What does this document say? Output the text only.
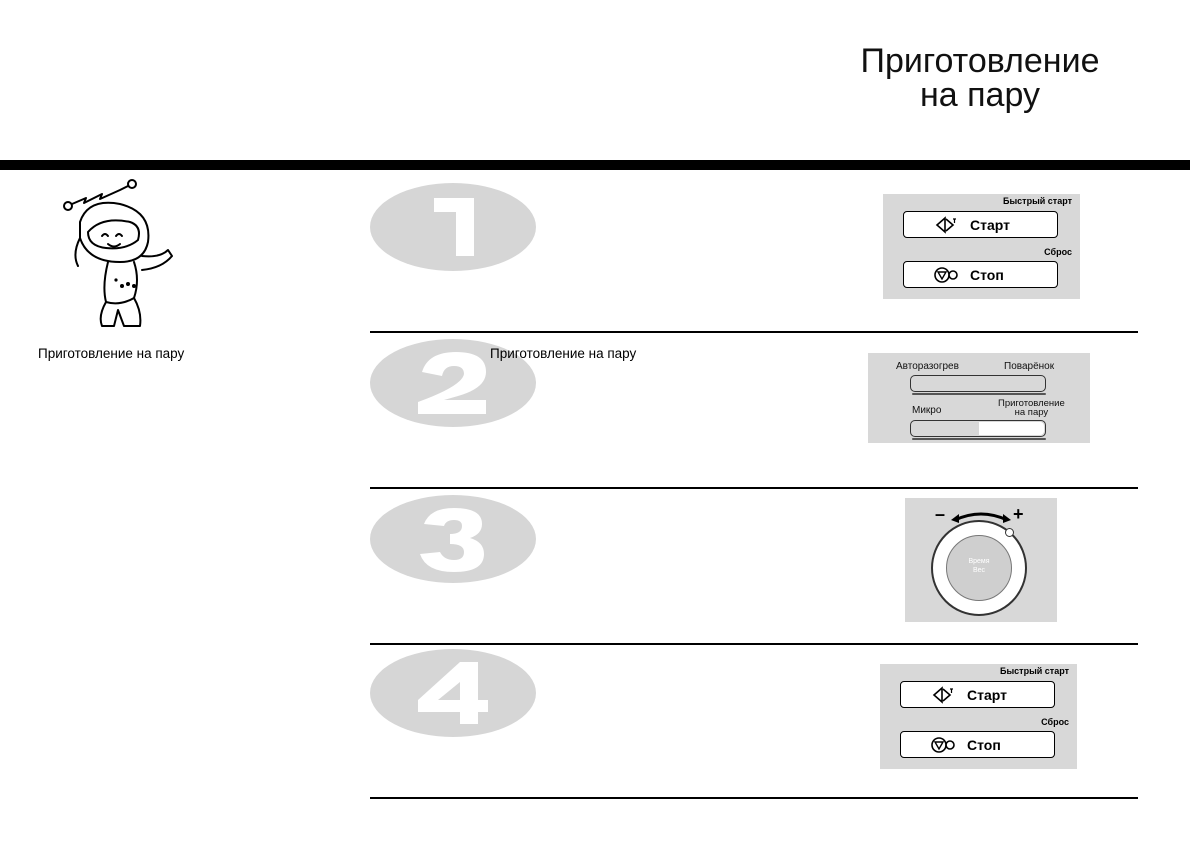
Приготовление
на пару
Приготовление на пару	Приготовление на пару
Быстрый старт
Старт
Сброс
Стоп
Авторазогрев	Поварёнок
Микро
Приготовление
на пару
–	+
Время
Вес
Быстрый старт
Старт
Сброс
Стоп
